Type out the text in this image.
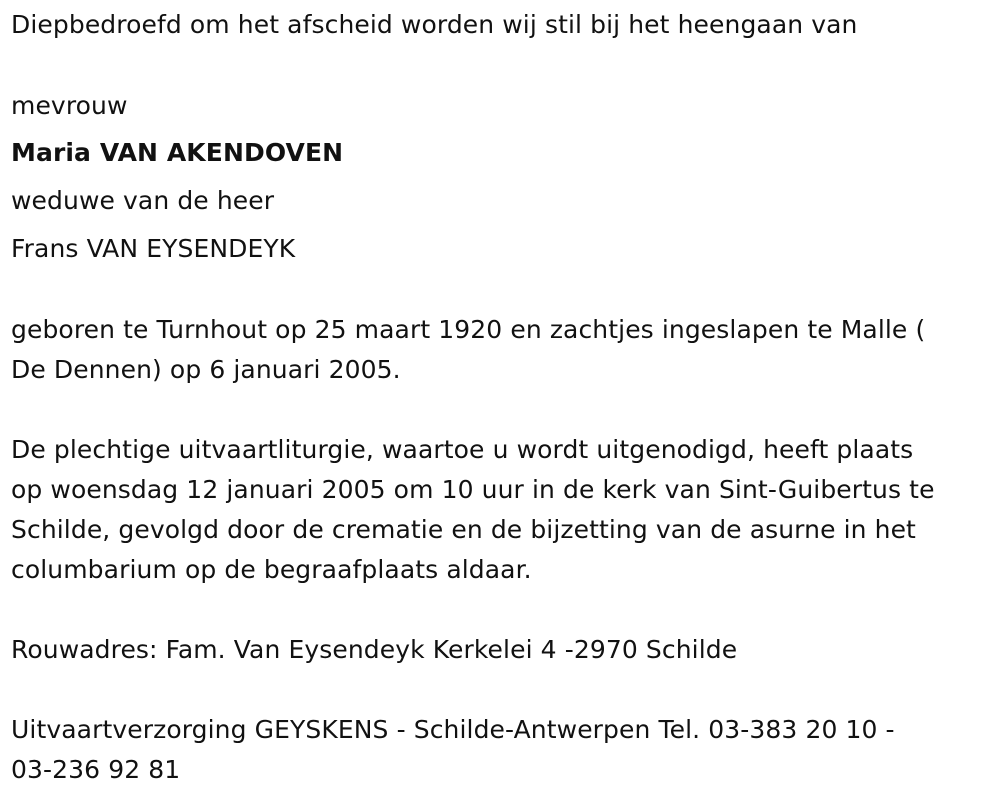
Diepbedroefd om het afscheid worden wij stil bij het heengaan van
mevrouw
Maria VAN AKENDOVEN
weduwe van de heer
Frans VAN EYSENDEYK
geboren te Turnhout op 25 maart 1920 en zachtjes ingeslapen te Malle (
De Dennen) op 6 januari 2005.
De plechtige uitvaartliturgie, waartoe u wordt uitgenodigd, heeft plaats
op woensdag 12 januari 2005 om 10 uur in de kerk van Sint-Guibertus te
Schilde, gevolgd door de crematie en de bijzetting van de asurne in het
columbarium op de begraafplaats aldaar.
Rouwadres: Fam. Van Eysendeyk Kerkelei 4 -2970 Schilde
Uitvaartverzorging GEYSKENS - Schilde-Antwerpen Tel. 03-383 20 10 -
03-236 92 81
